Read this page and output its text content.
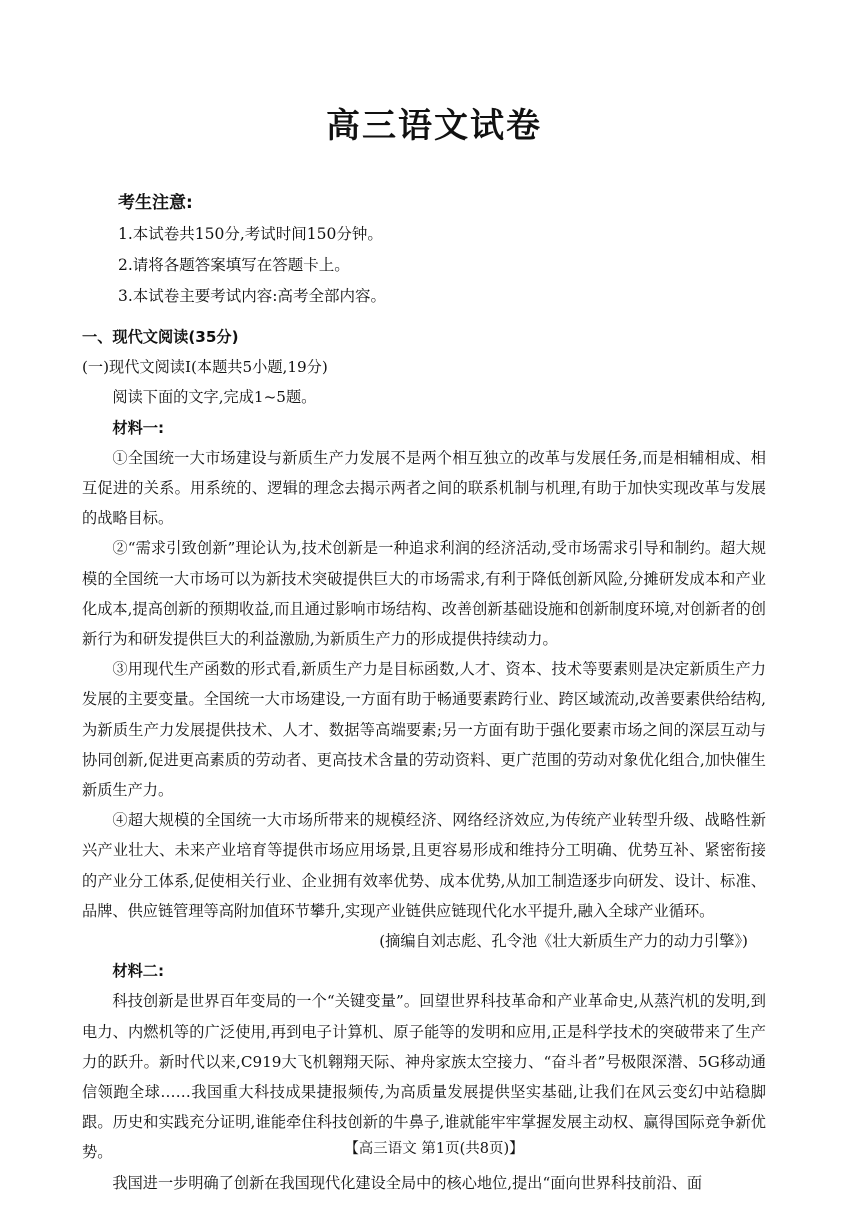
高三语文试卷
考生注意:
1.本试卷共150分,考试时间150分钟。
2.请将各题答案填写在答题卡上。
3.本试卷主要考试内容:高考全部内容。

一、现代文阅读(35分)

(一)现代文阅读Ⅰ(本题共5小题,19分)

阅读下面的文字,完成1~5题。

材料一:

①全国统一大市场建设与新质生产力发展不是两个相互独立的改革与发展任务,而是相辅相成、相互促进的关系。用系统的、逻辑的理念去揭示两者之间的联系机制与机理,有助于加快实现改革与发展的战略目标。

②“需求引致创新”理论认为,技术创新是一种追求利润的经济活动,受市场需求引导和制约。超大规模的全国统一大市场可以为新技术突破提供巨大的市场需求,有利于降低创新风险,分摊研发成本和产业化成本,提高创新的预期收益,而且通过影响市场结构、改善创新基础设施和创新制度环境,对创新者的创新行为和研发提供巨大的利益激励,为新质生产力的形成提供持续动力。

③用现代生产函数的形式看,新质生产力是目标函数,人才、资本、技术等要素则是决定新质生产力发展的主要变量。全国统一大市场建设,一方面有助于畅通要素跨行业、跨区域流动,改善要素供给结构,为新质生产力发展提供技术、人才、数据等高端要素;另一方面有助于强化要素市场之间的深层互动与协同创新,促进更高素质的劳动者、更高技术含量的劳动资料、更广范围的劳动对象优化组合,加快催生新质生产力。

④超大规模的全国统一大市场所带来的规模经济、网络经济效应,为传统产业转型升级、战略性新兴产业壮大、未来产业培育等提供市场应用场景,且更容易形成和维持分工明确、优势互补、紧密衔接的产业分工体系,促使相关行业、企业拥有效率优势、成本优势,从加工制造逐步向研发、设计、标准、品牌、供应链管理等高附加值环节攀升,实现产业链供应链现代化水平提升,融入全球产业循环。

(摘编自刘志彪、孔令池《壮大新质生产力的动力引擎》)

材料二:

科技创新是世界百年变局的一个“关键变量”。回望世界科技革命和产业革命史,从蒸汽机的发明,到电力、内燃机等的广泛使用,再到电子计算机、原子能等的发明和应用,正是科学技术的突破带来了生产力的跃升。新时代以来,C919大飞机翱翔天际、神舟家族太空接力、“奋斗者”号极限深潜、5G移动通信领跑全球……我国重大科技成果捷报频传,为高质量发展提供坚实基础,让我们在风云变幻中站稳脚跟。历史和实践充分证明,谁能牵住科技创新的牛鼻子,谁就能牢牢掌握发展主动权、赢得国际竞争新优势。

我国进一步明确了创新在我国现代化建设全局中的核心地位,提出“面向世界科技前沿、面

【高三语文 第1页(共8页)】
